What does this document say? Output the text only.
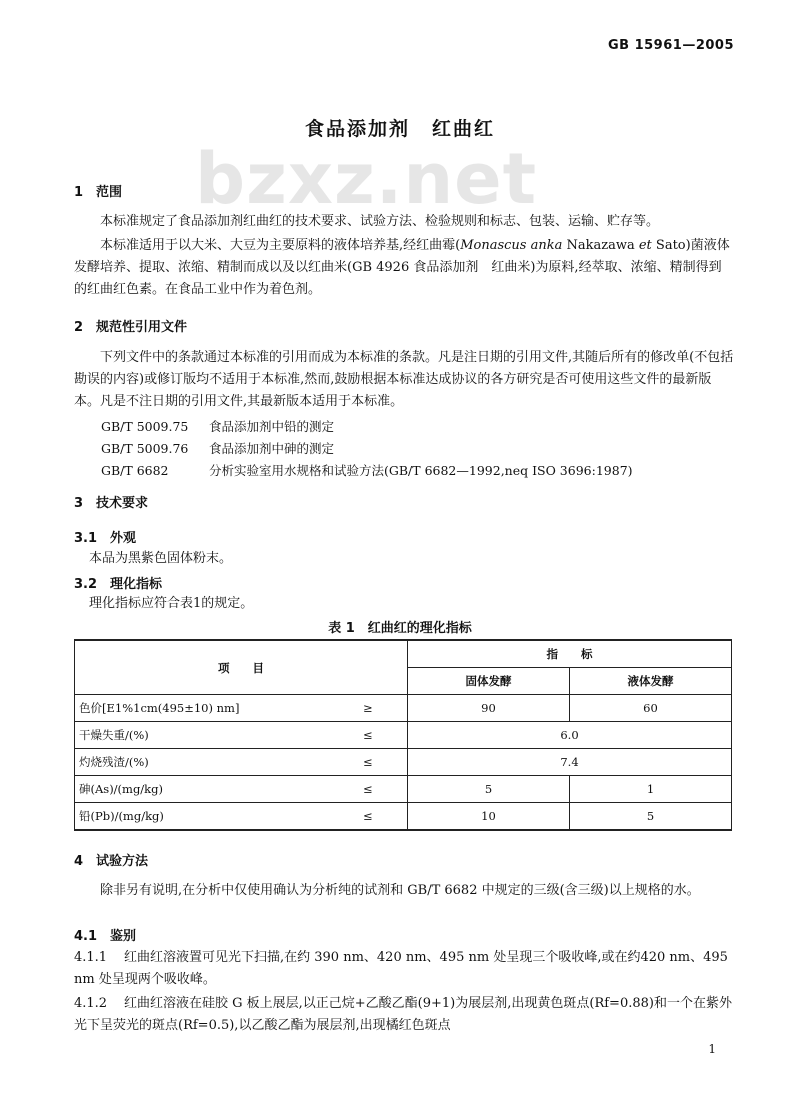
bzxz.net
GB 15961—2005
食品添加剂 红曲红
1 范围
本标准规定了食品添加剂红曲红的技术要求、试验方法、检验规则和标志、包装、运输、贮存等。
本标准适用于以大米、大豆为主要原料的液体培养基,经红曲霉(Monascus anka Nakazawa et Sato)菌液体发酵培养、提取、浓缩、精制而成以及以红曲米(GB 4926 食品添加剂　红曲米)为原料,经萃取、浓缩、精制得到的红曲红色素。在食品工业中作为着色剂。
2 规范性引用文件
下列文件中的条款通过本标准的引用而成为本标准的条款。凡是注日期的引用文件,其随后所有的修改单(不包括勘误的内容)或修订版均不适用于本标准,然而,鼓励根据本标准达成协议的各方研究是否可使用这些文件的最新版本。凡是不注日期的引用文件,其最新版本适用于本标准。
GB/T 5009.75 食品添加剂中铅的测定
GB/T 5009.76 食品添加剂中砷的测定
GB/T 6682	分析实验室用水规格和试验方法(GB/T 6682—1992,neq ISO 3696:1987)
3 技术要求
3.1 外观
本品为黑紫色固体粉末。
3.2 理化指标
理化指标应符合表1的规定。
表 1　红曲红的理化指标
项　　目		指　　标	
		固体发酵	液体发酵
色价[E1%1cm(495±10) nm]	≥	90	60
干燥失重/(%)	≤	6.0	
灼烧残渣/(%)	≤	7.4	
砷(As)/(mg/kg)	≤	5	1
铅(Pb)/(mg/kg)	≤	10	5
4 试验方法
除非另有说明,在分析中仅使用确认为分析纯的试剂和 GB/T 6682 中规定的三级(含三级)以上规格的水。
4.1 鉴别
4.1.1 红曲红溶液置可见光下扫描,在约 390 nm、420 nm、495 nm 处呈现三个吸收峰,或在约420 nm、495 nm 处呈现两个吸收峰。
4.1.2 红曲红溶液在硅胶 G 板上展层,以正己烷+乙酸乙酯(9+1)为展层剂,出现黄色斑点(Rf=0.88)和一个在紫外光下呈荧光的斑点(Rf=0.5),以乙酸乙酯为展层剂,出现橘红色斑点
1
